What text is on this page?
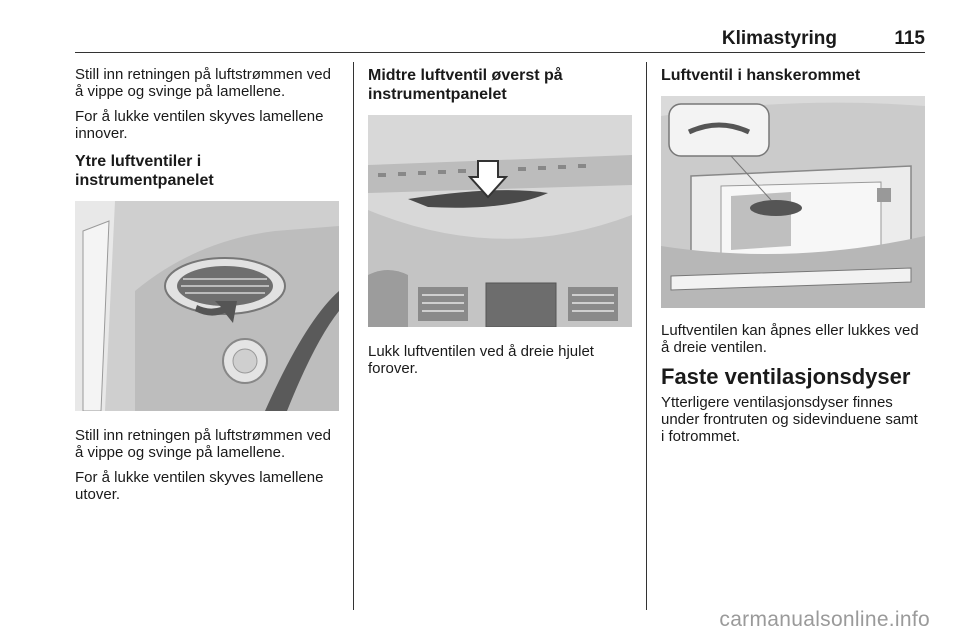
Klimastyring	115

Still inn retningen på luftstrømmen ved å vippe og svinge på lamellene.

For å lukke ventilen skyves lamellene innover.

Ytre luftventiler i instrumentpanelet

Still inn retningen på luftstrømmen ved å vippe og svinge på lamellene.

For å lukke ventilen skyves lamellene utover.

Midtre luftventil øverst på instrumentpanelet

Lukk luftventilen ved å dreie hjulet forover.

Luftventil i hanskerommet

Luftventilen kan åpnes eller lukkes ved å dreie ventilen.

Faste ventilasjonsdyser

Ytterligere ventilasjonsdyser finnes under frontruten og sidevinduene samt i fotrommet.

carmanualsonline.info
